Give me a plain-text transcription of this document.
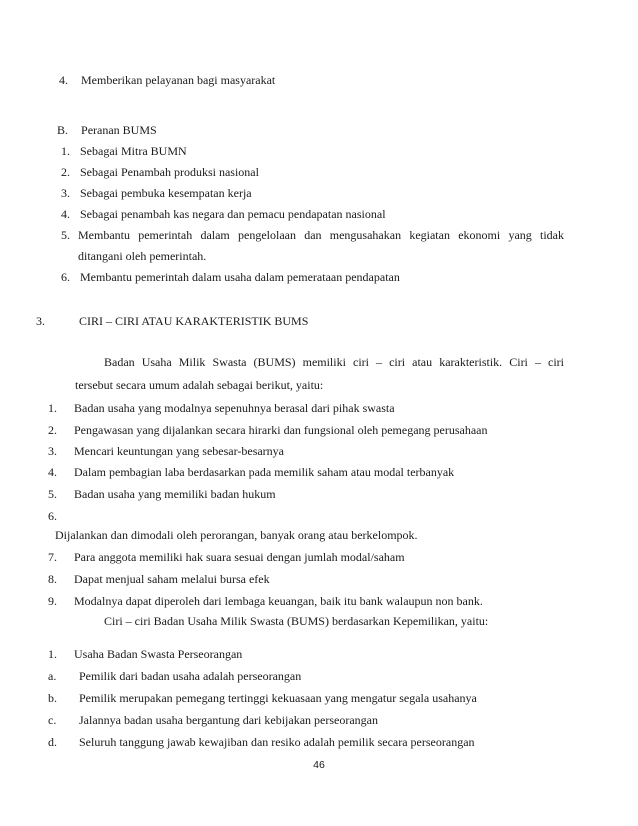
4. Memberikan pelayanan bagi masyarakat
B. Peranan BUMS
1. Sebagai Mitra BUMN
2. Sebagai Penambah produksi nasional
3. Sebagai pembuka kesempatan kerja
4. Sebagai penambah kas negara dan pemacu pendapatan nasional
5. Membantu pemerintah dalam pengelolaan dan mengusahakan kegiatan ekonomi yang tidak
ditangani oleh pemerintah.
6. Membantu pemerintah dalam usaha dalam pemerataan pendapatan
3.	CIRI – CIRI ATAU KARAKTERISTIK BUMS
Badan Usaha Milik Swasta (BUMS) memiliki ciri – ciri atau karakteristik. Ciri – ciri
tersebut secara umum adalah sebagai berikut, yaitu:
1. Badan usaha yang modalnya sepenuhnya berasal dari pihak swasta
2. Pengawasan yang dijalankan secara hirarki dan fungsional oleh pemegang perusahaan
3. Mencari keuntungan yang sebesar-besarnya
4. Dalam pembagian laba berdasarkan pada memilik saham atau modal terbanyak
5. Badan usaha yang memiliki badan hukum
6.
Dijalankan dan dimodali oleh perorangan, banyak orang atau berkelompok.
7. Para anggota memiliki hak suara sesuai dengan jumlah modal/saham
8. Dapat menjual saham melalui bursa efek
9. Modalnya dapat diperoleh dari lembaga keuangan, baik itu bank walaupun non bank.
Ciri – ciri Badan Usaha Milik Swasta (BUMS) berdasarkan Kepemilikan, yaitu:
1. Usaha Badan Swasta Perseorangan
a. Pemilik dari badan usaha adalah perseorangan
b. Pemilik merupakan pemegang tertinggi kekuasaan yang mengatur segala usahanya
c. Jalannya badan usaha bergantung dari kebijakan perseorangan
d. Seluruh tanggung jawab kewajiban dan resiko adalah pemilik secara perseorangan
46
